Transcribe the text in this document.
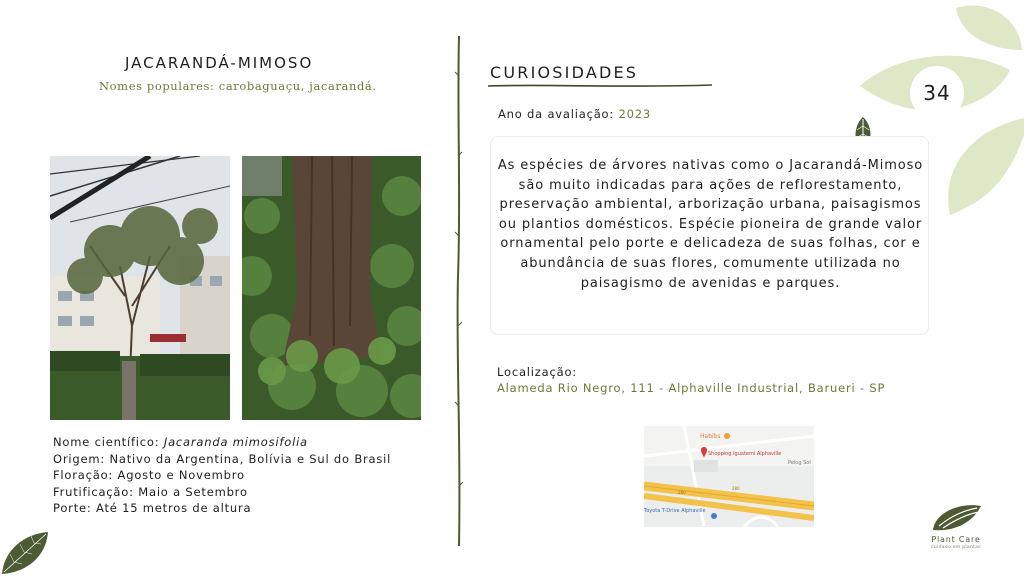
JACARANDÁ-MIMOSO
Nomes populares: carobaguaçu, jacarandá.
Nome científico: Jacaranda mimosifolia
Origem: Nativo da Argentina, Bolívia e Sul do Brasil
Floração: Agosto e Novembro
Frutificação: Maio a Setembro
Porte: Até 15 metros de altura
CURIOSIDADES
Ano da avaliação: 2023

As espécies de árvores nativas como o Jacarandá-Mimoso são muito indicadas para ações de reflorestamento, preservação ambiental, arborização urbana, paisagismos ou plantios domésticos. Espécie pioneira de grande valor ornamental pelo porte e delicadeza de suas folhas, cor e abundância de suas flores, comumente utilizada no paisagismo de avenidas e parques.

Localização:
Alameda Rio Negro, 111 - Alphaville Industrial, Barueri - SP
Habibs
Shopping Iguatemi Alphaville
Pelog Sol
280
280
Toyota T-Drive Alphaville
34
Plant Care
cuidado em plantas
